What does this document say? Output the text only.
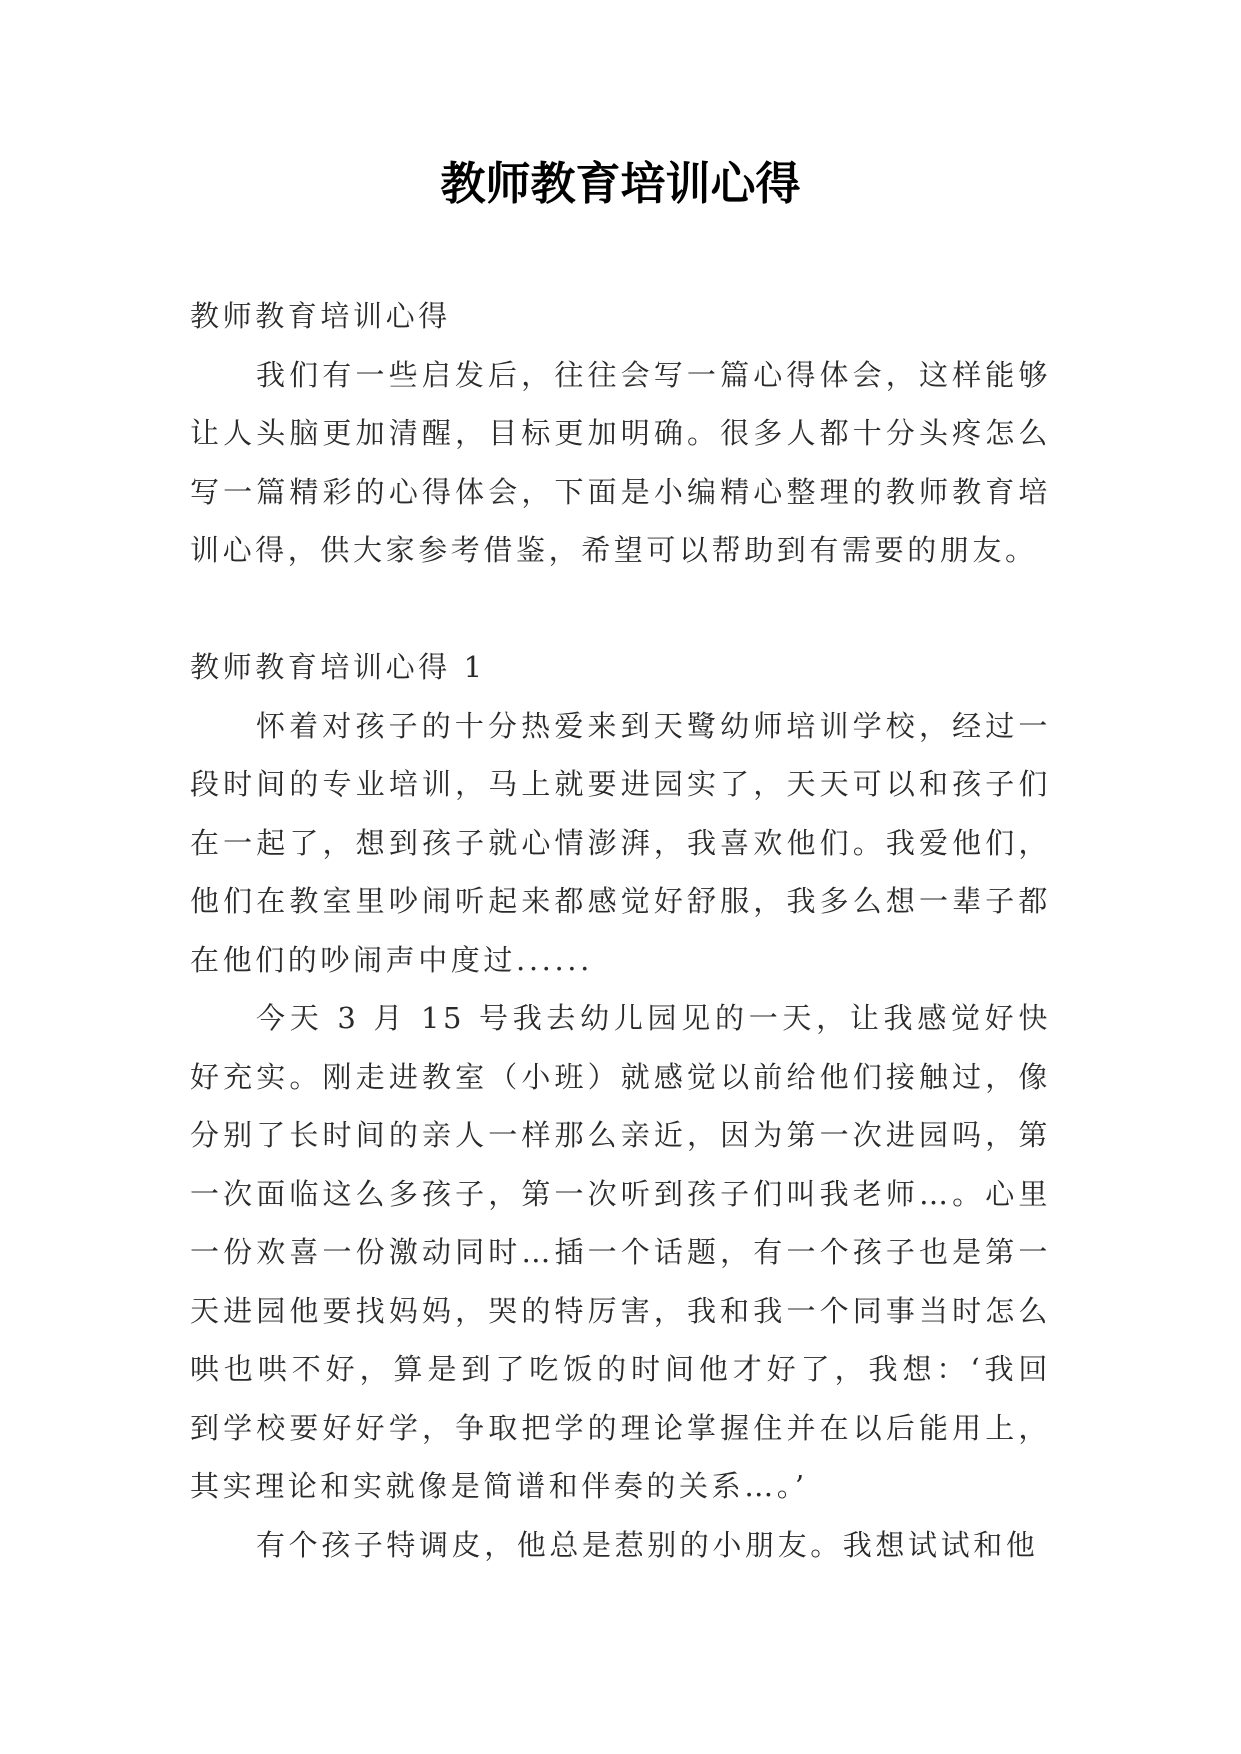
教师教育培训心得
教师教育培训心得
我们有一些启发后，往往会写一篇心得体会，这样能够
让人头脑更加清醒，目标更加明确。很多人都十分头疼怎么
写一篇精彩的心得体会，下面是小编精心整理的教师教育培
训心得，供大家参考借鉴，希望可以帮助到有需要的朋友。
教师教育培训心得 1
怀着对孩子的十分热爱来到天鹭幼师培训学校，经过一
段时间的专业培训，马上就要进园实了，天天可以和孩子们
在一起了，想到孩子就心情澎湃，我喜欢他们。我爱他们，
他们在教室里吵闹听起来都感觉好舒服，我多么想一辈子都
在他们的吵闹声中度过......
今天 3 月 15 号我去幼儿园见的一天，让我感觉好快
好充实。刚走进教室（小班）就感觉以前给他们接触过，像
分别了长时间的亲人一样那么亲近，因为第一次进园吗，第
一次面临这么多孩子，第一次听到孩子们叫我老师…。心里
一份欢喜一份激动同时…插一个话题，有一个孩子也是第一
天进园他要找妈妈，哭的特厉害，我和我一个同事当时怎么
哄也哄不好，算是到了吃饭的时间他才好了，我想：‘我回
到学校要好好学，争取把学的理论掌握住并在以后能用上，
其实理论和实就像是简谱和伴奏的关系…。’
有个孩子特调皮，他总是惹别的小朋友。我想试试和他
